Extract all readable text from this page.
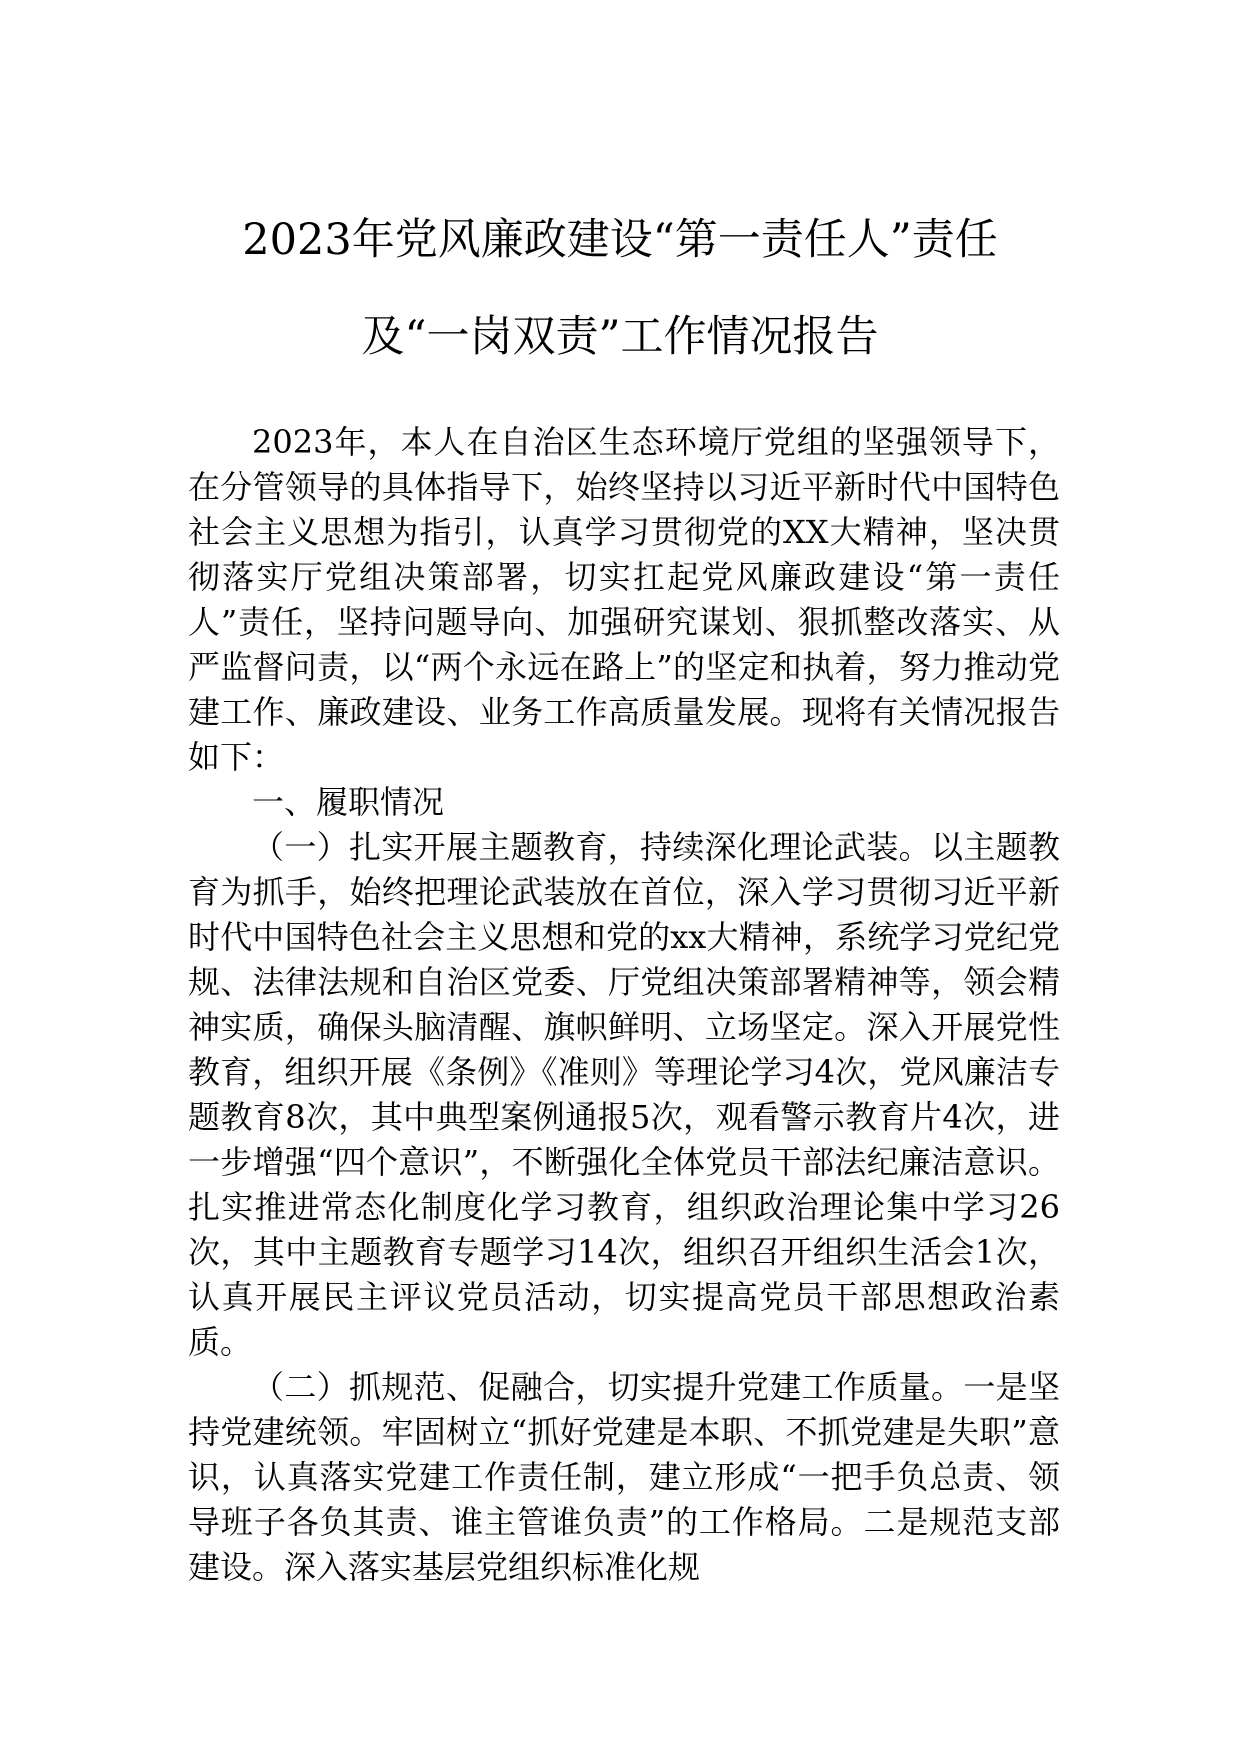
2023年党风廉政建设“第一责任人”责任
及“一岗双责”工作情况报告

2023年，本人在自治区生态环境厅党组的坚强领导下，在分管领导的具体指导下，始终坚持以习近平新时代中国特色社会主义思想为指引，认真学习贯彻党的XX大精神，坚决贯彻落实厅党组决策部署，切实扛起党风廉政建设“第一责任人”责任，坚持问题导向、加强研究谋划、狠抓整改落实、从严监督问责，以“两个永远在路上”的坚定和执着，努力推动党建工作、廉政建设、业务工作高质量发展。现将有关情况报告如下：

一、履职情况

（一）扎实开展主题教育，持续深化理论武装。以主题教育为抓手，始终把理论武装放在首位，深入学习贯彻习近平新时代中国特色社会主义思想和党的xx大精神，系统学习党纪党规、法律法规和自治区党委、厅党组决策部署精神等，领会精神实质，确保头脑清醒、旗帜鲜明、立场坚定。深入开展党性教育，组织开展《条例》《准则》等理论学习4次，党风廉洁专题教育8次，其中典型案例通报5次，观看警示教育片4次，进一步增强“四个意识”，不断强化全体党员干部法纪廉洁意识。扎实推进常态化制度化学习教育，组织政治理论集中学习26次，其中主题教育专题学习14次，组织召开组织生活会1次，认真开展民主评议党员活动，切实提高党员干部思想政治素质。

（二）抓规范、促融合，切实提升党建工作质量。一是坚持党建统领。牢固树立“抓好党建是本职、不抓党建是失职”意识，认真落实党建工作责任制，建立形成“一把手负总责、领导班子各负其责、谁主管谁负责”的工作格局。二是规范支部建设。深入落实基层党组织标准化规
